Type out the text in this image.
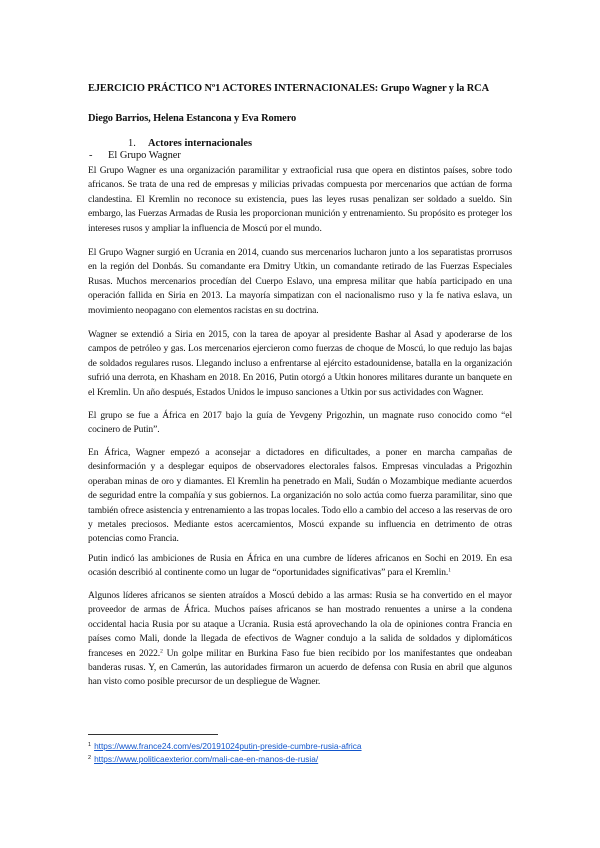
EJERCICIO PRÁCTICO Nº1 ACTORES INTERNACIONALES: Grupo Wagner y la RCA
Diego Barrios, Helena Estancona y Eva Romero
1. Actores internacionales
- El Grupo Wagner

El Grupo Wagner es una organización paramilitar y extraoficial rusa que opera en distintos países, sobre todo africanos. Se trata de una red de empresas y milicias privadas compuesta por mercenarios que actúan de forma clandestina. El Kremlin no reconoce su existencia, pues las leyes rusas penalizan ser soldado a sueldo. Sin embargo, las Fuerzas Armadas de Rusia les proporcionan munición y entrenamiento. Su propósito es proteger los intereses rusos y ampliar la influencia de Moscú por el mundo.

El Grupo Wagner surgió en Ucrania en 2014, cuando sus mercenarios lucharon junto a los separatistas prorrusos en la región del Donbás. Su comandante era Dmitry Utkin, un comandante retirado de las Fuerzas Especiales Rusas. Muchos mercenarios procedían del Cuerpo Eslavo, una empresa militar que había participado en una operación fallida en Siria en 2013. La mayoría simpatizan con el nacionalismo ruso y la fe nativa eslava, un movimiento neopagano con elementos racistas en su doctrina.

Wagner se extendió a Siria en 2015, con la tarea de apoyar al presidente Bashar al Asad y apoderarse de los campos de petróleo y gas. Los mercenarios ejercieron como fuerzas de choque de Moscú, lo que redujo las bajas de soldados regulares rusos. Llegando incluso a enfrentarse al ejército estadounidense, batalla en la organización sufrió una derrota, en Khasham en 2018. En 2016, Putin otorgó a Utkin honores militares durante un banquete en el Kremlin. Un año después, Estados Unidos le impuso sanciones a Utkin por sus actividades con Wagner.

El grupo se fue a África en 2017 bajo la guía de Yevgeny Prigozhin, un magnate ruso conocido como “el cocinero de Putin”.

En África, Wagner empezó a aconsejar a dictadores en dificultades, a poner en marcha campañas de desinformación y a desplegar equipos de observadores electorales falsos. Empresas vinculadas a Prigozhin operaban minas de oro y diamantes. El Kremlin ha penetrado en Mali, Sudán o Mozambique mediante acuerdos de seguridad entre la compañía y sus gobiernos. La organización no solo actúa como fuerza paramilitar, sino que también ofrece asistencia y entrenamiento a las tropas locales. Todo ello a cambio del acceso a las reservas de oro y metales preciosos. Mediante estos acercamientos, Moscú expande su influencia en detrimento de otras potencias como Francia.

Putin indicó las ambiciones de Rusia en África en una cumbre de líderes africanos en Sochi en 2019. En esa ocasión describió al continente como un lugar de “oportunidades significativas” para el Kremlin.$^1$

Algunos líderes africanos se sienten atraídos a Moscú debido a las armas: Rusia se ha convertido en el mayor proveedor de armas de África. Muchos países africanos se han mostrado renuentes a unirse a la condena occidental hacia Rusia por su ataque a Ucrania. Rusia está aprovechando la ola de opiniones contra Francia en países como Mali, donde la llegada de efectivos de Wagner condujo a la salida de soldados y diplomáticos franceses en 2022.$^2$ Un golpe militar en Burkina Faso fue bien recibido por los manifestantes que ondeaban banderas rusas. Y, en Camerún, las autoridades firmaron un acuerdo de defensa con Rusia en abril que algunos han visto como posible precursor de un despliegue de Wagner.

$^1$ https://www.france24.com/es/20191024putin-preside-cumbre-rusia-africa
$^2$ https://www.politicaexterior.com/mali-cae-en-manos-de-rusia/
